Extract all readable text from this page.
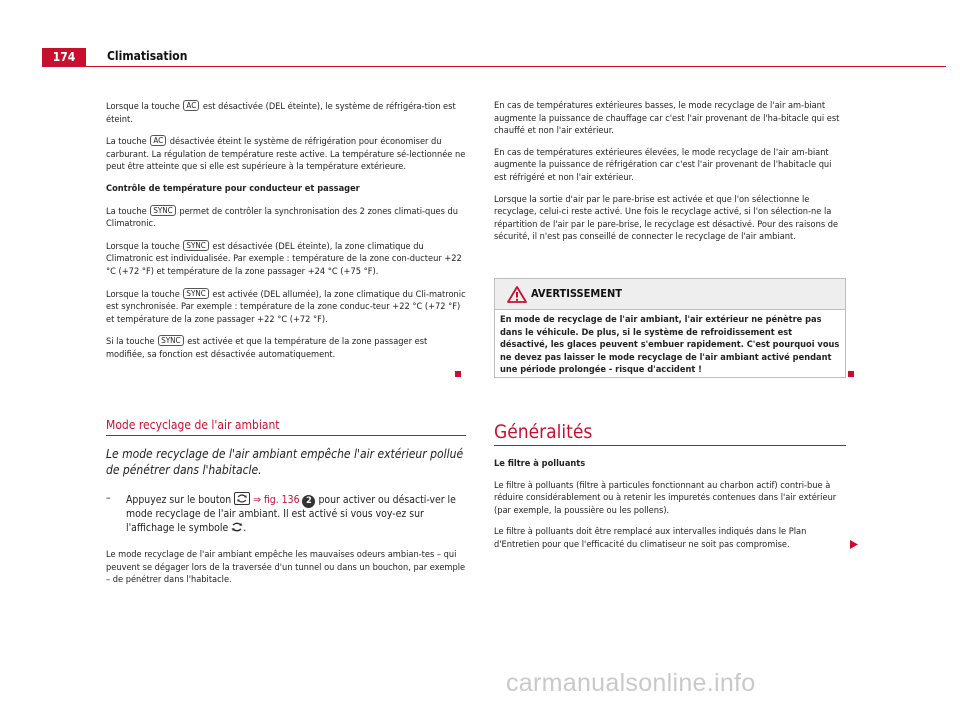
174	Climatisation

Lorsque la touche AC est désactivée (DEL éteinte), le système de réfrigéra-tion est éteint.

La touche AC désactivée éteint le système de réfrigération pour économiser du carburant. La régulation de température reste active. La température sé-lectionnée ne peut être atteinte que si elle est supérieure à la température extérieure.

Contrôle de température pour conducteur et passager

La touche SYNC permet de contrôler la synchronisation des 2 zones climati-ques du Climatronic.

Lorsque la touche SYNC est désactivée (DEL éteinte), la zone climatique du Climatronic est individualisée. Par exemple : température de la zone con-ducteur +22 °C (+72 °F) et température de la zone passager +24 °C (+75 °F).

Lorsque la touche SYNC est activée (DEL allumée), la zone climatique du Cli-matronic est synchronisée. Par exemple : température de la zone conduc-teur +22 °C (+72 °F) et température de la zone passager +22 °C (+72 °F).

Si la touche SYNC est activée et que la température de la zone passager est modifiée, sa fonction est désactivée automatiquement.

Mode recyclage de l'air ambiant
Le mode recyclage de l'air ambiant empêche l'air extérieur pollué de pénétrer dans l'habitacle.
– Appuyez sur le bouton ⇒ fig. 136 2 pour activer ou désacti-ver le mode recyclage de l'air ambiant. Il est activé si vous voy-ez sur l'affichage le symbole .
Le mode recyclage de l'air ambiant empêche les mauvaises odeurs ambian-tes – qui peuvent se dégager lors de la traversée d'un tunnel ou dans un bouchon, par exemple – de pénétrer dans l'habitacle.

En cas de températures extérieures basses, le mode recyclage de l'air am-biant augmente la puissance de chauffage car c'est l'air provenant de l'ha-bitacle qui est chauffé et non l'air extérieur.

En cas de températures extérieures élevées, le mode recyclage de l'air am-biant augmente la puissance de réfrigération car c'est l'air provenant de l'habitacle qui est réfrigéré et non l'air extérieur.

Lorsque la sortie d'air par le pare-brise est activée et que l'on sélectionne le recyclage, celui-ci reste activé. Une fois le recyclage activé, si l'on sélection-ne la répartition de l'air par le pare-brise, le recyclage est désactivé. Pour des raisons de sécurité, il n'est pas conseillé de connecter le recyclage de l'air ambiant.

AVERTISSEMENT
En mode de recyclage de l'air ambiant, l'air extérieur ne pénètre pas dans le véhicule. De plus, si le système de refroidissement est désactivé, les glaces peuvent s'embuer rapidement. C'est pourquoi vous ne devez pas laisser le mode recyclage de l'air ambiant activé pendant une période prolongée - risque d'accident !
Généralités

Le filtre à polluants

Le filtre à polluants (filtre à particules fonctionnant au charbon actif) contri-bue à réduire considérablement ou à retenir les impuretés contenues dans l'air extérieur (par exemple, la poussière ou les pollens).

Le filtre à polluants doit être remplacé aux intervalles indiqués dans le Plan d'Entretien pour que l'efficacité du climatiseur ne soit pas compromise.

carmanualsonline.info
